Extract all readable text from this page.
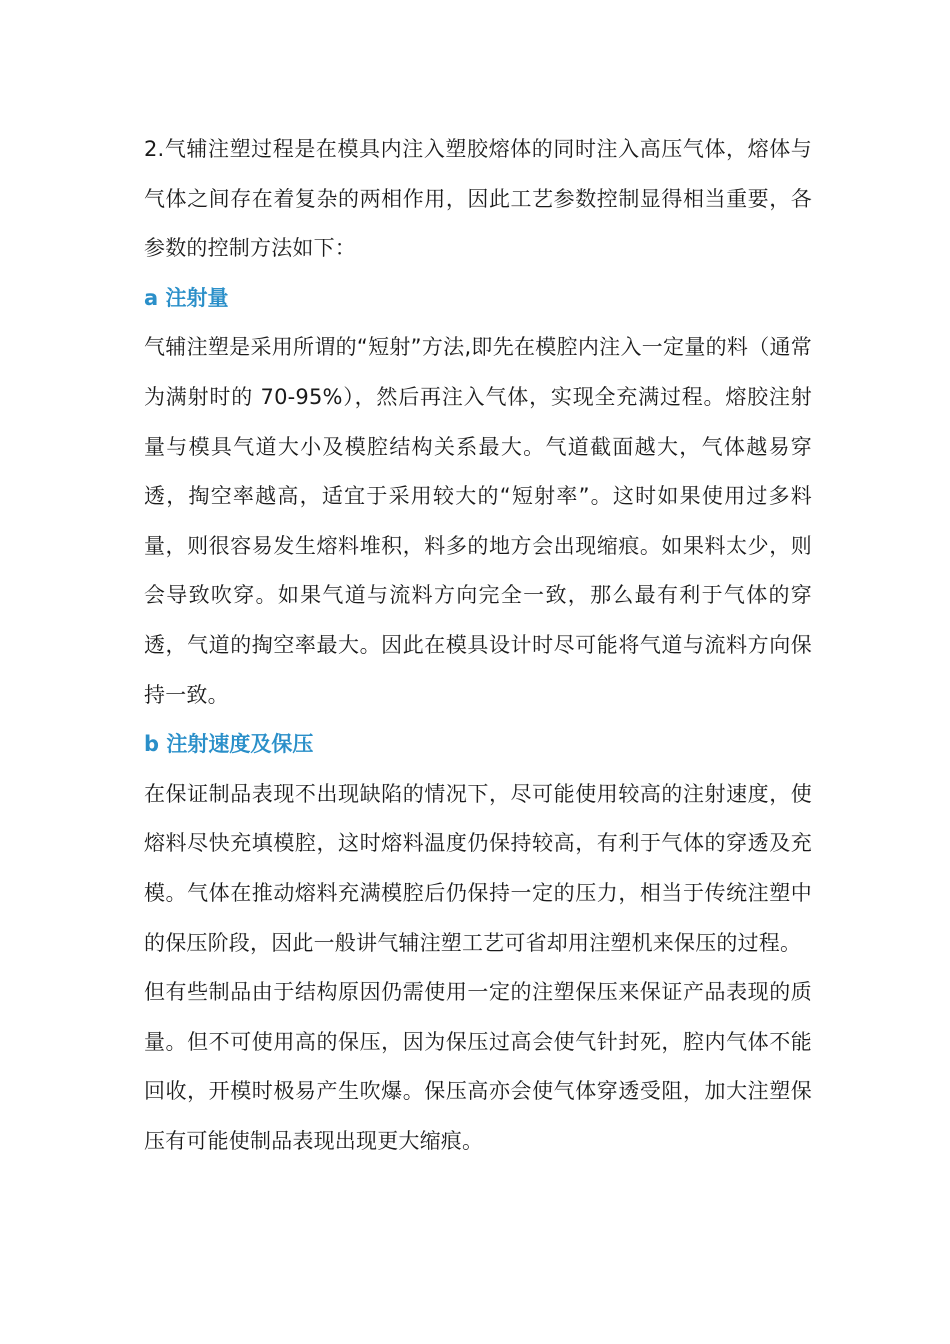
2.气辅注塑过程是在模具内注入塑胶熔体的同时注入高压气体，熔体与气体之间存在着复杂的两相作用，因此工艺参数控制显得相当重要，各参数的控制方法如下：

a 注射量

气辅注塑是采用所谓的“短射”方法,即先在模腔内注入一定量的料（通常为满射时的 70-95%），然后再注入气体，实现全充满过程。熔胶注射量与模具气道大小及模腔结构关系最大。气道截面越大，气体越易穿透，掏空率越高，适宜于采用较大的“短射率”。这时如果使用过多料量，则很容易发生熔料堆积，料多的地方会出现缩痕。如果料太少，则会导致吹穿。如果气道与流料方向完全一致，那么最有利于气体的穿透，气道的掏空率最大。因此在模具设计时尽可能将气道与流料方向保持一致。

b 注射速度及保压

在保证制品表现不出现缺陷的情况下，尽可能使用较高的注射速度，使熔料尽快充填模腔，这时熔料温度仍保持较高，有利于气体的穿透及充模。气体在推动熔料充满模腔后仍保持一定的压力，相当于传统注塑中的保压阶段，因此一般讲气辅注塑工艺可省却用注塑机来保压的过程。

但有些制品由于结构原因仍需使用一定的注塑保压来保证产品表现的质量。但不可使用高的保压，因为保压过高会使气针封死，腔内气体不能回收，开模时极易产生吹爆。保压高亦会使气体穿透受阻，加大注塑保压有可能使制品表现出现更大缩痕。
